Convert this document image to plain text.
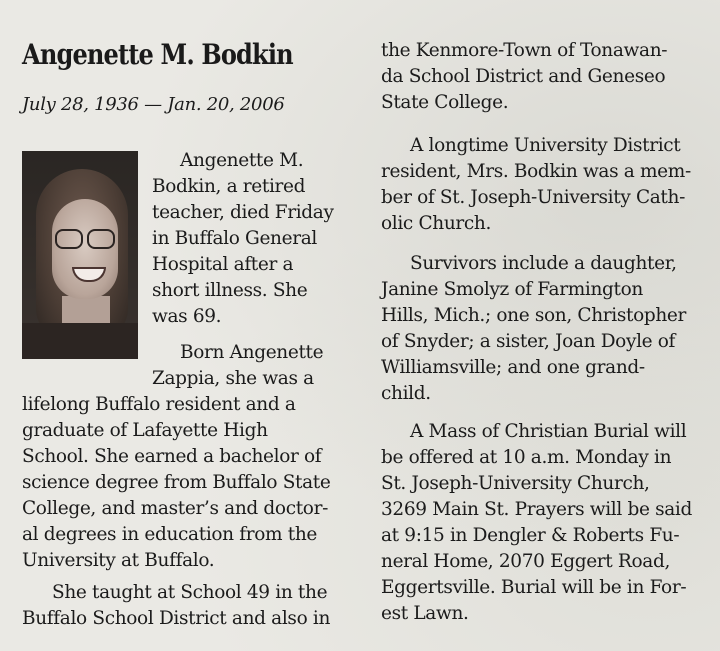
Angenette M. Bodkin
July 28, 1936 — Jan. 20, 2006
Angenette M.
Bodkin, a retired
teacher, died Friday
in Buffalo General
Hospital after a
short illness. She
was 69.
Born Angenette
Zappia, she was a
lifelong Buffalo resident and a
graduate of Lafayette High
School. She earned a bachelor of
science degree from Buffalo State
College, and master’s and doctor-
al degrees in education from the
University at Buffalo.
She taught at School 49 in the
Buffalo School District and also in
the Kenmore-Town of Tonawan-
da School District and Geneseo
State College.
A longtime University District
resident, Mrs. Bodkin was a mem-
ber of St. Joseph-University Cath-
olic Church.
Survivors include a daughter,
Janine Smolyz of Farmington
Hills, Mich.; one son, Christopher
of Snyder; a sister, Joan Doyle of
Williamsville; and one grand-
child.
A Mass of Christian Burial will
be offered at 10 a.m. Monday in
St. Joseph-University Church,
3269 Main St. Prayers will be said
at 9:15 in Dengler & Roberts Fu-
neral Home, 2070 Eggert Road,
Eggertsville. Burial will be in For-
est Lawn.
